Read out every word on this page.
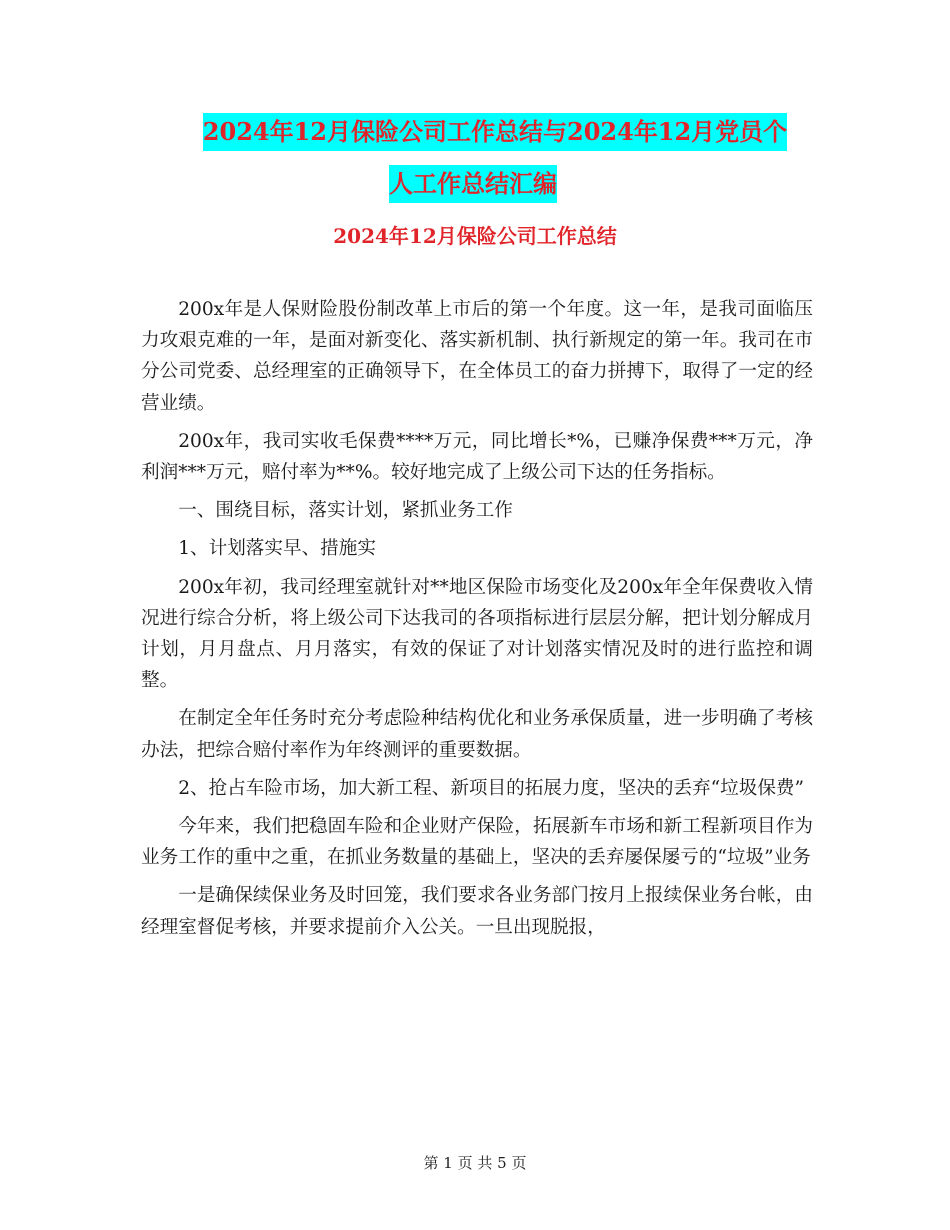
2024年12月保险公司工作总结与2024年12月党员个
人工作总结汇编
2024年12月保险公司工作总结

200x年是人保财险股份制改革上市后的第一个年度。这一年，是我司面临压力攻艰克难的一年，是面对新变化、落实新机制、执行新规定的第一年。我司在市分公司党委、总经理室的正确领导下，在全体员工的奋力拼搏下，取得了一定的经营业绩。

200x年，我司实收毛保费****万元，同比增长*%，已赚净保费***万元，净利润***万元，赔付率为**%。较好地完成了上级公司下达的任务指标。

一、围绕目标，落实计划，紧抓业务工作

1、计划落实早、措施实

200x年初，我司经理室就针对**地区保险市场变化及200x年全年保费收入情况进行综合分析，将上级公司下达我司的各项指标进行层层分解，把计划分解成月计划，月月盘点、月月落实，有效的保证了对计划落实情况及时的进行监控和调整。

在制定全年任务时充分考虑险种结构优化和业务承保质量，进一步明确了考核办法，把综合赔付率作为年终测评的重要数据。

2、抢占车险市场，加大新工程、新项目的拓展力度，坚决的丢弃“垃圾保费”

今年来，我们把稳固车险和企业财产保险，拓展新车市场和新工程新项目作为业务工作的重中之重，在抓业务数量的基础上，坚决的丢弃屡保屡亏的“垃圾”业务

一是确保续保业务及时回笼，我们要求各业务部门按月上报续保业务台帐，由经理室督促考核，并要求提前介入公关。一旦出现脱报，

第 1 页 共 5 页
